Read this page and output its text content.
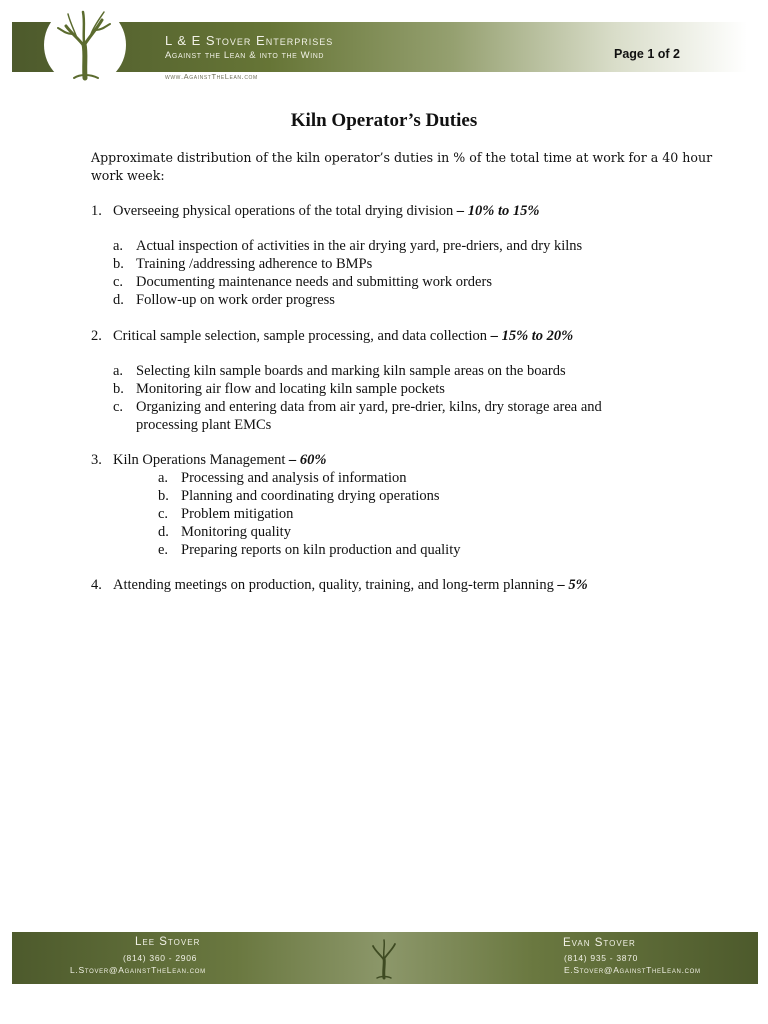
L & E Stover Enterprises
Against the Lean & into the Wind
www.AgainstTheLean.com
Page 1 of 2
Kiln Operator’s Duties
Approximate distribution of the kiln operator’s duties in % of the total time at work for a 40 hour
work week:
1. Overseeing physical operations of the total drying division – 10% to 15%
a. Actual inspection of activities in the air drying yard, pre-driers, and dry kilns
b. Training /addressing adherence to BMPs
c. Documenting maintenance needs and submitting work orders
d. Follow-up on work order progress
2. Critical sample selection, sample processing, and data collection – 15% to 20%
a. Selecting kiln sample boards and marking kiln sample areas on the boards
b. Monitoring air flow and locating kiln sample pockets
c. Organizing and entering data from air yard, pre-drier, kilns, dry storage area and
processing plant EMCs
3. Kiln Operations Management – 60%
a. Processing and analysis of information
b. Planning and coordinating drying operations
c. Problem mitigation
d. Monitoring quality
e. Preparing reports on kiln production and quality
4. Attending meetings on production, quality, training, and long-term planning – 5%
Lee Stover
(814) 360 - 2906
L.Stover@AgainstTheLean.com
Evan Stover
(814) 935 - 3870
E.Stover@AgainstTheLean.com
